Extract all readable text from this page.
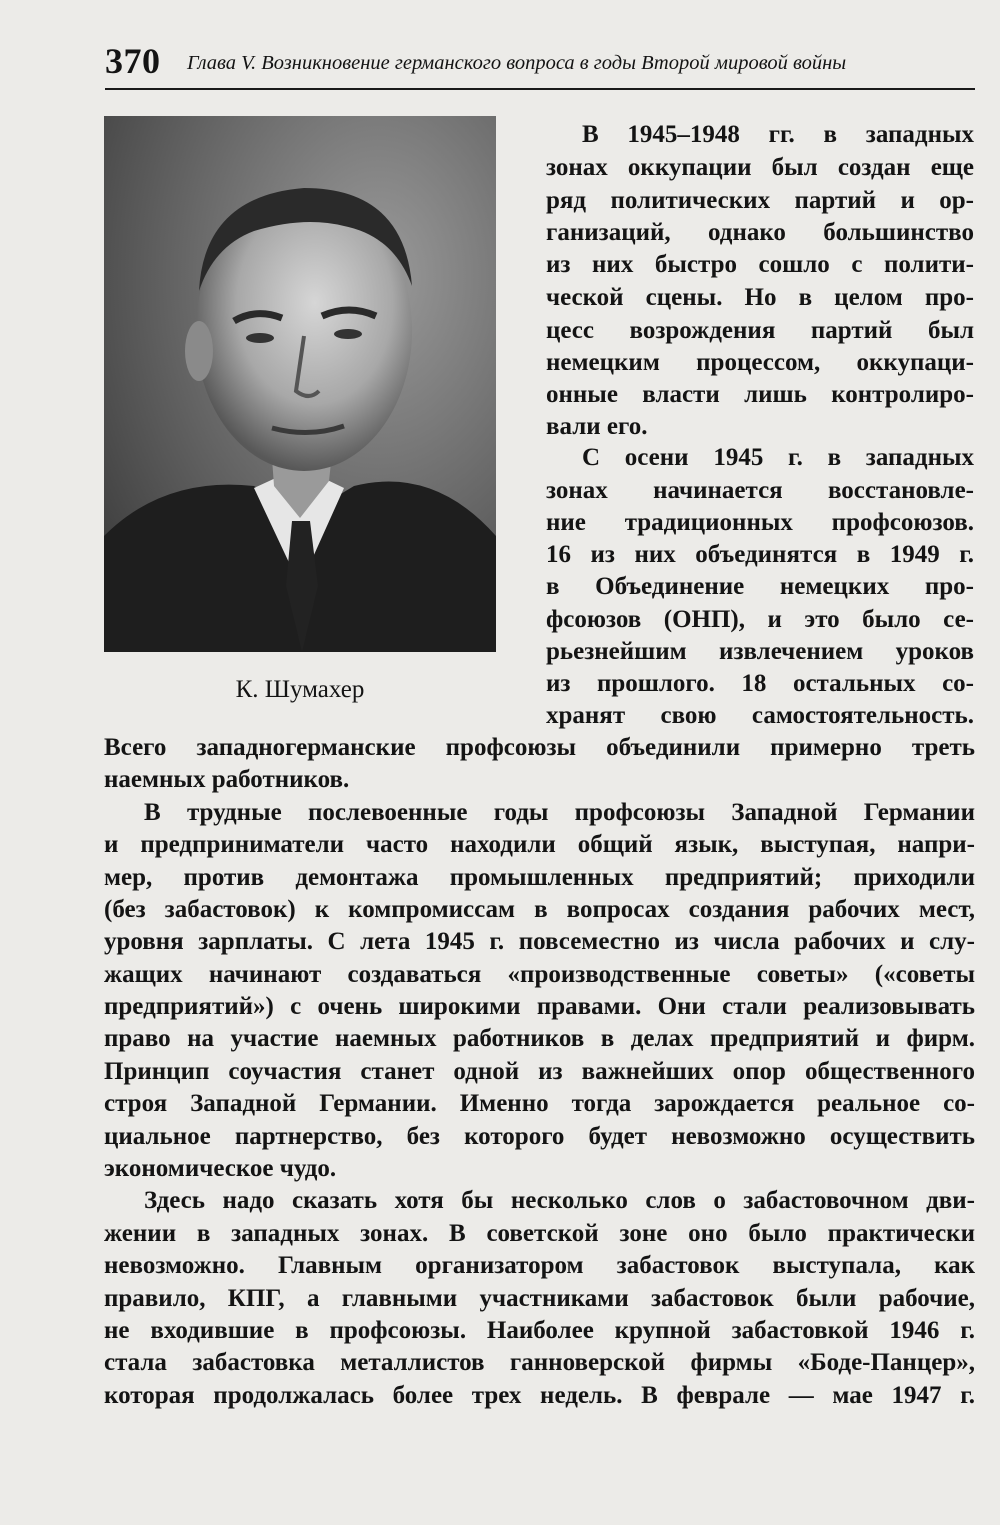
370 Глава V. Возникновение германского вопроса в годы Второй мировой войны
К. Шумахер
В 1945–1948 гг. в западных
зонах оккупации был создан еще
ряд политических партий и ор-
ганизаций, однако большинство
из них быстро сошло с полити-
ческой сцены. Но в целом про-
цесс возрождения партий был
немецким процессом, оккупаци-
онные власти лишь контролиро-
вали его.
С осени 1945 г. в западных
зонах начинается восстановле-
ние традиционных профсоюзов.
16 из них объединятся в 1949 г.
в Объединение немецких про-
фсоюзов (ОНП), и это было се-
рьезнейшим извлечением уроков
из прошлого. 18 остальных со-
хранят свою самостоятельность.
Всего западногерманские профсоюзы объединили примерно треть
наемных работников.
В трудные послевоенные годы профсоюзы Западной Германии
и предприниматели часто находили общий язык, выступая, напри-
мер, против демонтажа промышленных предприятий; приходили
(без забастовок) к компромиссам в вопросах создания рабочих мест,
уровня зарплаты. С лета 1945 г. повсеместно из числа рабочих и слу-
жащих начинают создаваться «производственные советы» («советы
предприятий») с очень широкими правами. Они стали реализовывать
право на участие наемных работников в делах предприятий и фирм.
Принцип соучастия станет одной из важнейших опор общественного
строя Западной Германии. Именно тогда зарождается реальное со-
циальное партнерство, без которого будет невозможно осуществить
экономическое чудо.
Здесь надо сказать хотя бы несколько слов о забастовочном дви-
жении в западных зонах. В советской зоне оно было практически
невозможно. Главным организатором забастовок выступала, как
правило, КПГ, а главными участниками забастовок были рабочие,
не входившие в профсоюзы. Наиболее крупной забастовкой 1946 г.
стала забастовка металлистов ганноверской фирмы «Боде-Панцер»,
которая продолжалась более трех недель. В феврале — мае 1947 г.
